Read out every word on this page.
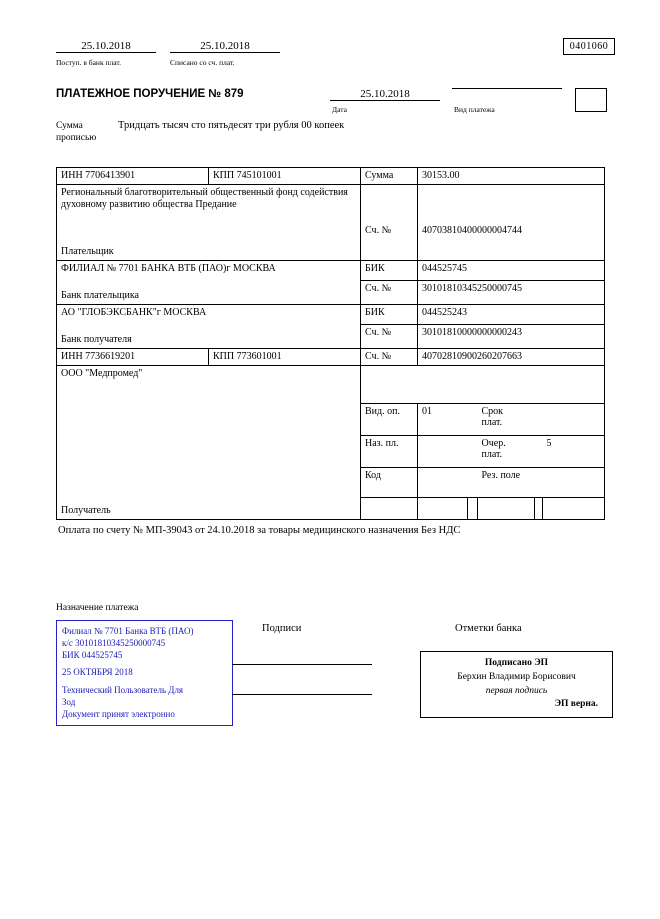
25.10.2018
Поступ. в банк плат.
25.10.2018
Списано со сч. плат.
0401060
ПЛАТЕЖНОЕ ПОРУЧЕНИЕ № 879	25.10.2018
Дата	Вид платежа
Сумма
прописью
Тридцать тысяч сто пятьдесят три рубля 00 копеек
ИНН 7706413901	КПП 745101001	Сумма	30153.00				
Региональный благотворительный общественный фонд содействия духовному развитию общества Предание		Сч. №	40703810400000004744				
Плательщик							
ФИЛИАЛ № 7701 БАНКА ВТБ (ПАО)г МОСКВА		БИК	044525745				
Банк плательщика		Сч. №	30101810345250000745				
АО "ГЛОБЭКСБАНК"г МОСКВА		БИК	044525243				
Банк получателя		Сч. №	30101810000000000243				
ИНН 7736619201	КПП 773601001	Сч. №	40702810900260207663				
ООО "Медпромед"							
		Вид. оп.	01		Срок
плат.		
		Наз. пл.			Очер.
плат.		5
		Код			Рез. поле		
Получатель							
Оплата по счету № МП-39043 от 24.10.2018 за товары медицинского назначения Без НДС
Назначение платежа
Филиал № 7701 Банка ВТБ (ПАО)
к/с 30101810345250000745
БИК 044525745
25 ОКТЯБРЯ 2018
Технический Пользователь Для
Зод
Документ принят электронно
Подписи	Отметки банка
Подписано ЭП
Берхин Владимир Борисович
первая подпись
ЭП верна.
